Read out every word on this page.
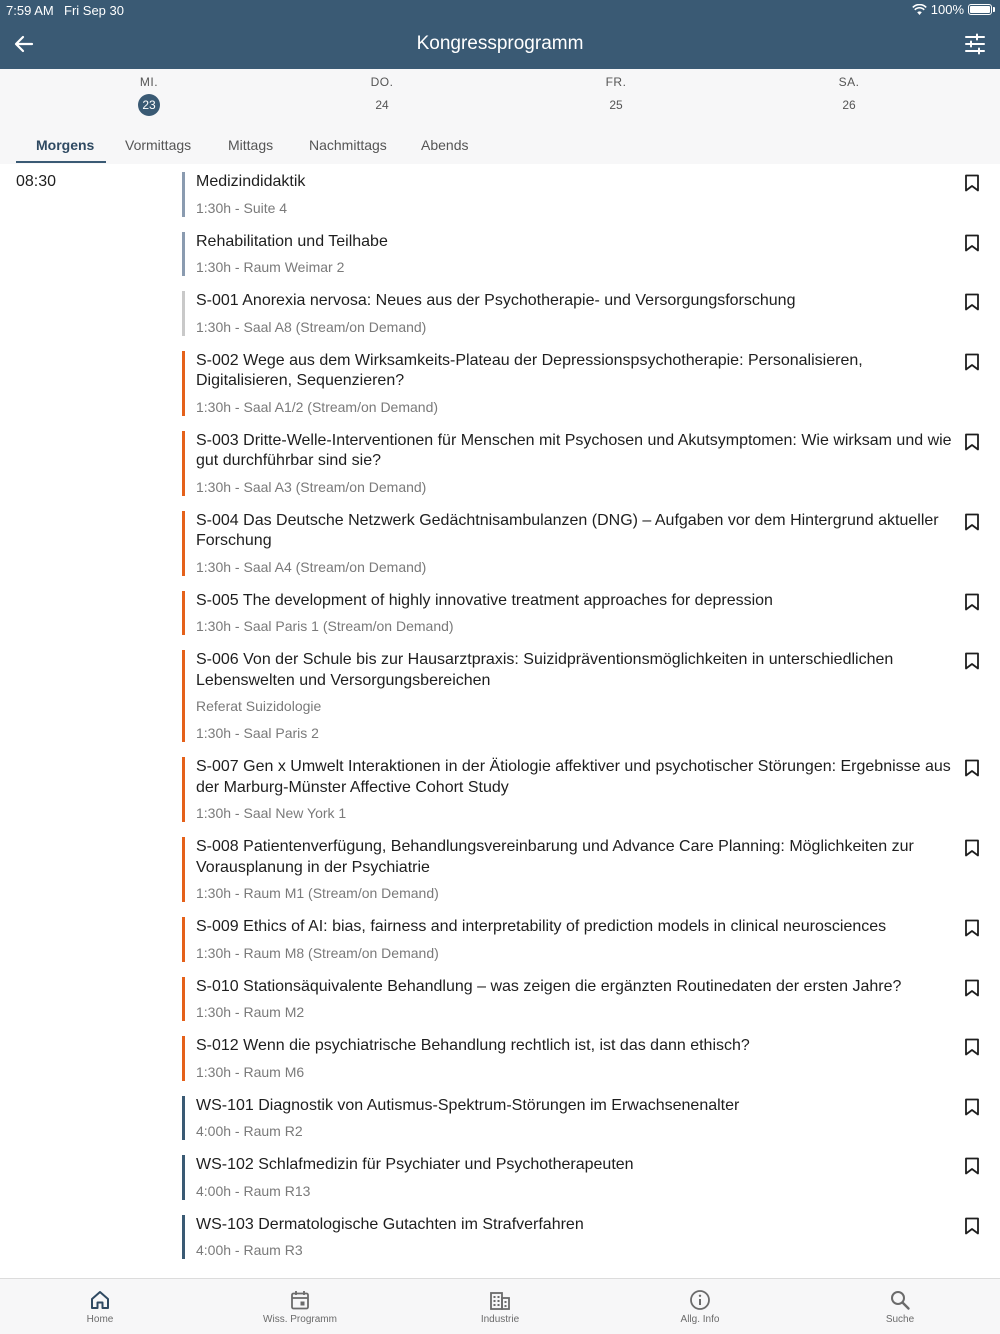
7:59 AM Fri Sep 30	100%
Kongressprogramm
MI.
23
DO.
24
FR.
25
SA.
26
Morgens Vormittags	Mittags	Nachmittags Abends
08:30	Medizindidaktik
1:30h - Suite 4
Rehabilitation und Teilhabe
1:30h - Raum Weimar 2
S-001 Anorexia nervosa: Neues aus der Psychotherapie- und Versorgungsforschung
1:30h - Saal A8 (Stream/on Demand)
S-002 Wege aus dem Wirksamkeits-Plateau der Depressionspsychotherapie: Personalisieren, Digitalisieren, Sequenzieren?
1:30h - Saal A1/2 (Stream/on Demand)
S-003 Dritte-Welle-Interventionen für Menschen mit Psychosen und Akutsymptomen: Wie wirksam und wie gut durchführbar sind sie?
1:30h - Saal A3 (Stream/on Demand)
S-004 Das Deutsche Netzwerk Gedächtnisambulanzen (DNG) – Aufgaben vor dem Hintergrund aktueller Forschung
1:30h - Saal A4 (Stream/on Demand)
S-005 The development of highly innovative treatment approaches for depression
1:30h - Saal Paris 1 (Stream/on Demand)
S-006 Von der Schule bis zur Hausarztpraxis: Suizidpräventionsmöglichkeiten in unterschiedlichen Lebenswelten und Versorgungsbereichen
Referat Suizidologie
1:30h - Saal Paris 2
S-007 Gen x Umwelt Interaktionen in der Ätiologie affektiver und psychotischer Störungen: Ergebnisse aus der Marburg-Münster Affective Cohort Study
1:30h - Saal New York 1
S-008 Patientenverfügung, Behandlungsvereinbarung und Advance Care Planning: Möglichkeiten zur Vorausplanung in der Psychiatrie
1:30h - Raum M1 (Stream/on Demand)
S-009 Ethics of AI: bias, fairness and interpretability of prediction models in clinical neurosciences
1:30h - Raum M8 (Stream/on Demand)
S-010 Stationsäquivalente Behandlung – was zeigen die ergänzten Routinedaten der ersten Jahre?
1:30h - Raum M2
S-012 Wenn die psychiatrische Behandlung rechtlich ist, ist das dann ethisch?
1:30h - Raum M6
WS-101 Diagnostik von Autismus-Spektrum-Störungen im Erwachsenenalter
4:00h - Raum R2
WS-102 Schlafmedizin für Psychiater und Psychotherapeuten
4:00h - Raum R13
WS-103 Dermatologische Gutachten im Strafverfahren
4:00h - Raum R3
Home	Wiss. Programm	Industrie	Allg. Info	Suche
